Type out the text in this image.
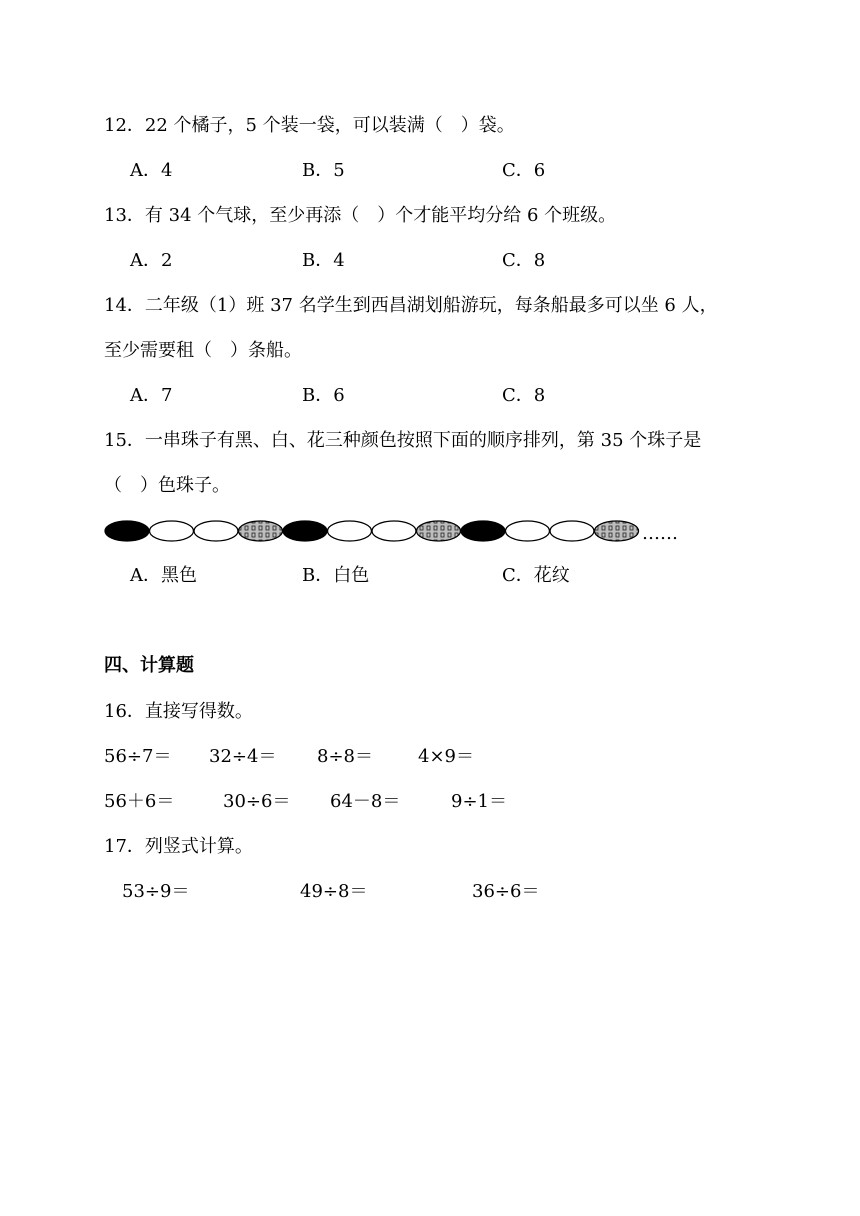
12．22 个橘子，5 个装一袋，可以装满（　）袋。
A．4	B．5	C．6
13．有 34 个气球，至少再添（　）个才能平均分给 6 个班级。
A．2	B．4	C．8
14．二年级（1）班 37 名学生到西昌湖划船游玩，每条船最多可以坐 6 人，
至少需要租（　）条船。
A．7	B．6	C．8
15．一串珠子有黑、白、花三种颜色按照下面的顺序排列，第 35 个珠子是
（　）色珠子。
……
A．黑色	B．白色	C．花纹
四、计算题
16．直接写得数。
56÷7＝ 32÷4＝ 8÷8＝	4×9＝
56＋6＝	30÷6＝ 64－8＝	9÷1＝
17．列竖式计算。
53÷9＝	49÷8＝	36÷6＝
